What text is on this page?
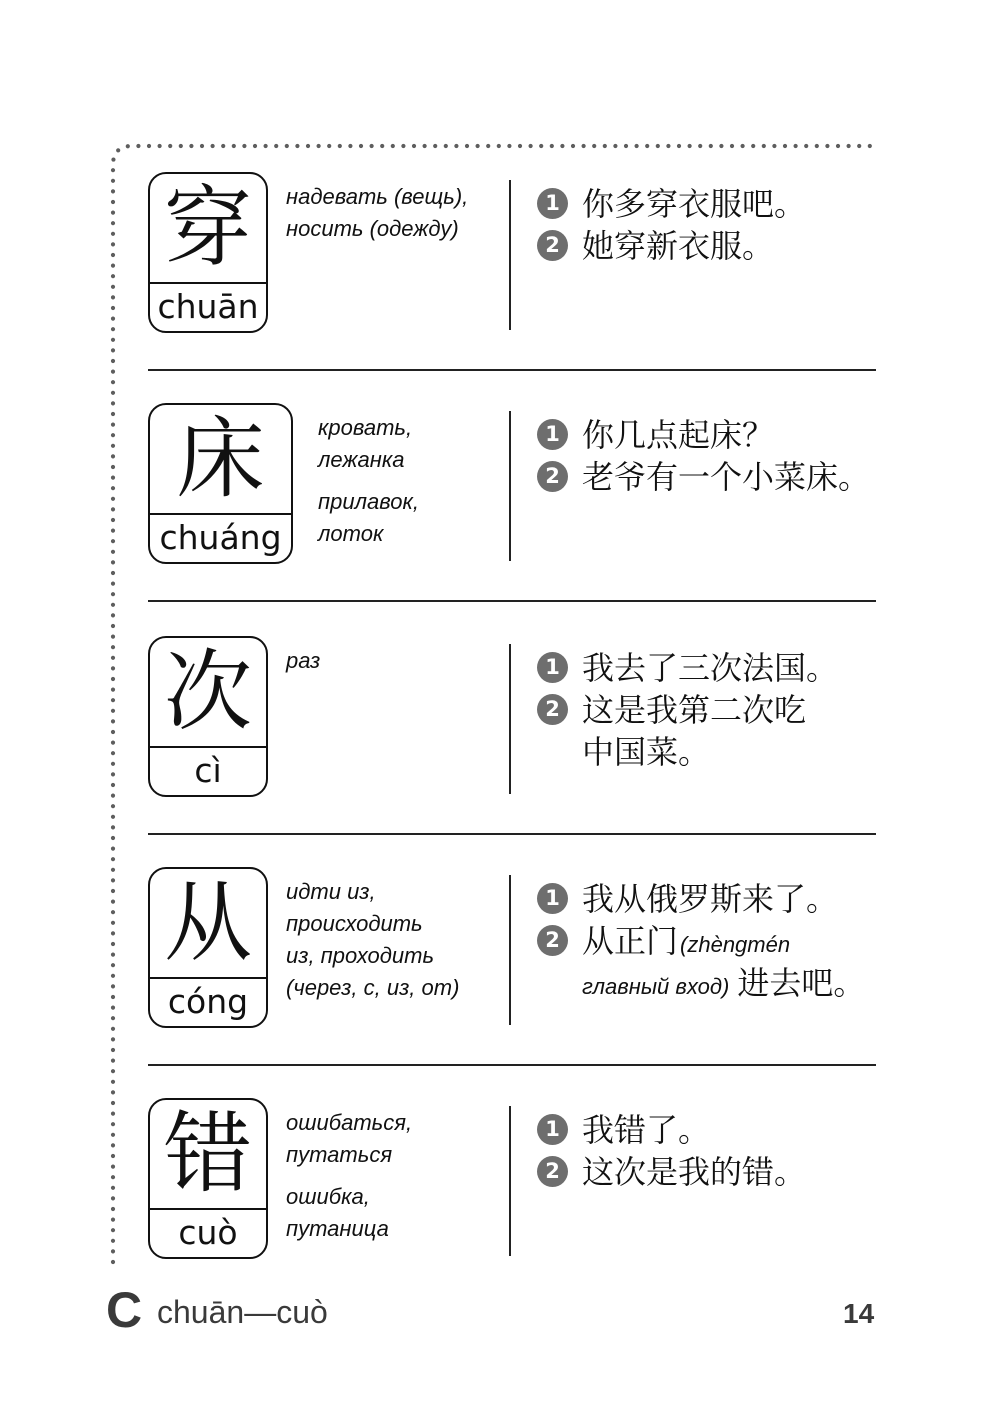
穿
chuān
надевать (вещь),
носить (одежду)
1 你多穿衣服吧。
2 她穿新衣服。
床
chuáng
кровать,
лежанка
прилавок,
лоток
1 你几点起床？
2 老爷有一个小菜床。
次
cì
раз	1 我去了三次法国。
2 这是我第二次吃
中国菜。
从
cóng
идти из,
происходить
из, проходить
(через, с, из, от)
1 我从俄罗斯来了。
2 从正门(zhèngmén
главный вход) 进去吧。
错
cuò
ошибаться,
путаться
ошибка,
путаница
1 我错了。
2 这次是我的错。
C chuān—cuò	14
